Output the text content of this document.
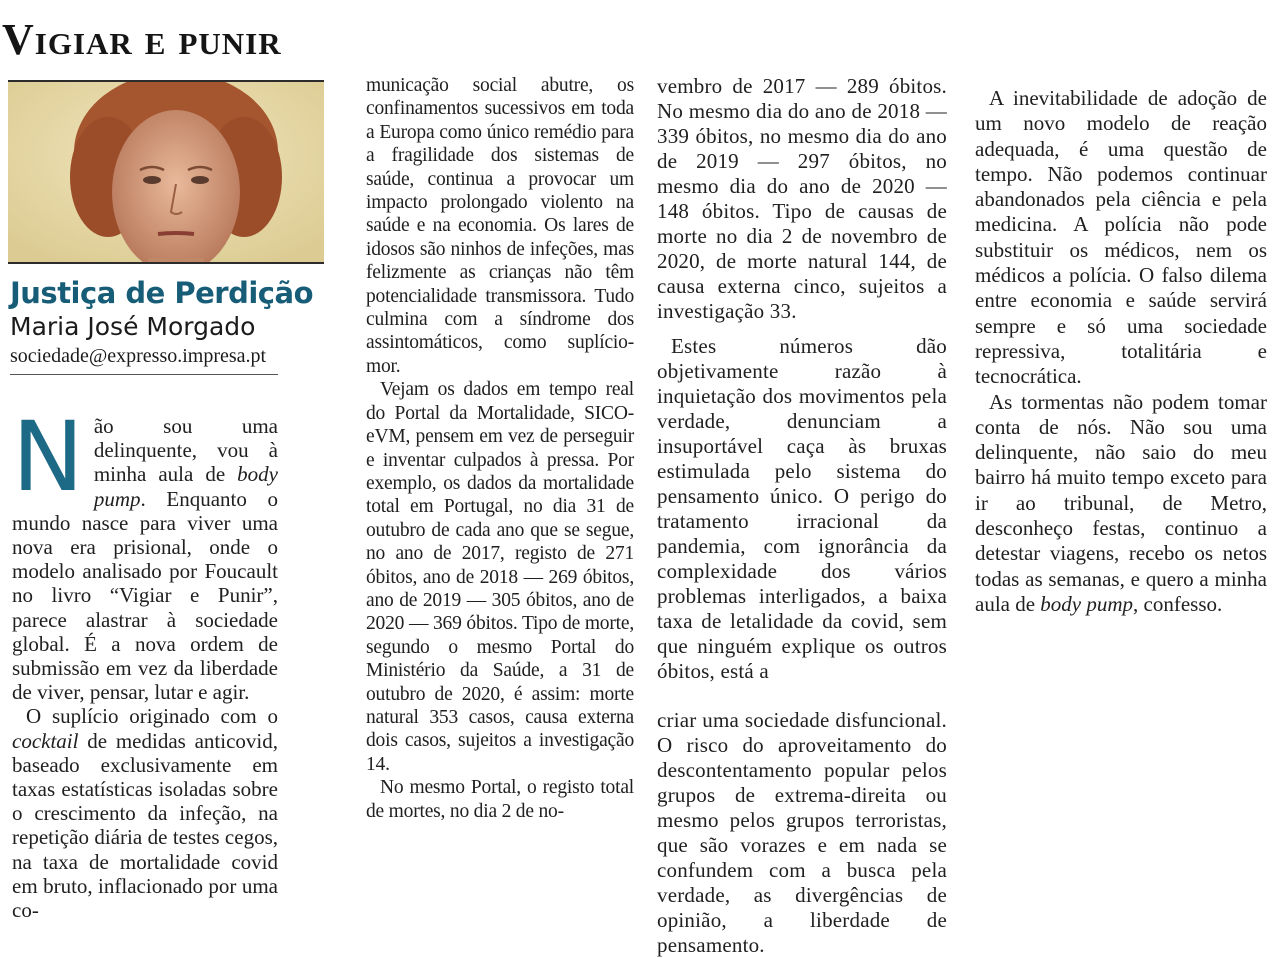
Vigiar e punir
Justiça de Perdição
Maria José Morgado
sociedade@expresso.impresa.pt

Não sou uma delinquente, vou à minha aula de body pump. Enquanto o mundo nasce para viver uma nova era prisional, onde o modelo analisado por Foucault no livro “Vigiar e Punir”, parece alastrar à sociedade global. É a nova ordem de submissão em vez da liberdade de viver, pensar, lutar e agir.

O suplício originado com o cocktail de medidas anticovid, baseado exclusivamente em taxas estatísticas isoladas sobre o crescimento da infeção, na repetição diária de testes cegos, na taxa de mortalidade covid em bruto, inflacionado por uma co-

municação social abutre, os confinamentos sucessivos em toda a Europa como único remédio para a fragilidade dos sistemas de saúde, continua a provocar um impacto prolongado violento na saúde e na economia. Os lares de idosos são ninhos de infeções, mas felizmente as crianças não têm potencialidade transmissora. Tudo culmina com a síndrome dos assintomáticos, como suplício-mor.

Vejam os dados em tempo real do Portal da Mortalidade, SICO- eVM, pensem em vez de perseguir e inventar culpados à pressa. Por exemplo, os dados da mortalidade total em Portugal, no dia 31 de outubro de cada ano que se segue, no ano de 2017, registo de 271 óbitos, ano de 2018 — 269 óbitos, ano de 2019 — 305 óbitos, ano de 2020 — 369 óbitos. Tipo de morte, segundo o mesmo Portal do Ministério da Saúde, a 31 de outubro de 2020, é assim: morte natural 353 casos, causa externa dois casos, sujeitos a investigação 14.

No mesmo Portal, o registo total de mortes, no dia 2 de no-

vembro de 2017 — 289 óbitos. No mesmo dia do ano de 2018 — 339 óbitos, no mesmo dia do ano de 2019 — 297 óbitos, no mesmo dia do ano de 2020 — 148 óbitos. Tipo de causas de morte no dia 2 de novembro de 2020, de morte natural 144, de causa externa cinco, sujeitos a investigação 33.

Estes números dão objetivamente razão à inquietação dos movimentos pela verdade, denunciam a insuportável caça às bruxas estimulada pelo sistema do pensamento único. O perigo do tratamento irracional da pandemia, com ignorância da complexidade dos vários problemas interligados, a baixa taxa de letalidade da covid, sem que ninguém explique os outros óbitos, está a

criar uma sociedade disfuncional. O risco do aproveitamento do descontentamento popular pelos grupos de extrema-direita ou mesmo pelos grupos terroristas, que são vorazes e em nada se confundem com a busca pela verdade, as divergências de opinião, a liberdade de pensamento.

A inevitabilidade de adoção de um novo modelo de reação adequada, é uma questão de tempo. Não podemos continuar abandonados pela ciência e pela medicina. A polícia não pode substituir os médicos, nem os médicos a polícia. O falso dilema entre economia e saúde servirá sempre e só uma sociedade repressiva, totalitária e tecnocrática.

As tormentas não podem tomar conta de nós. Não sou uma delinquente, não saio do meu bairro há muito tempo exceto para ir ao tribunal, de Metro, desconheço festas, continuo a detestar viagens, recebo os netos todas as semanas, e quero a minha aula de body pump, confesso.
